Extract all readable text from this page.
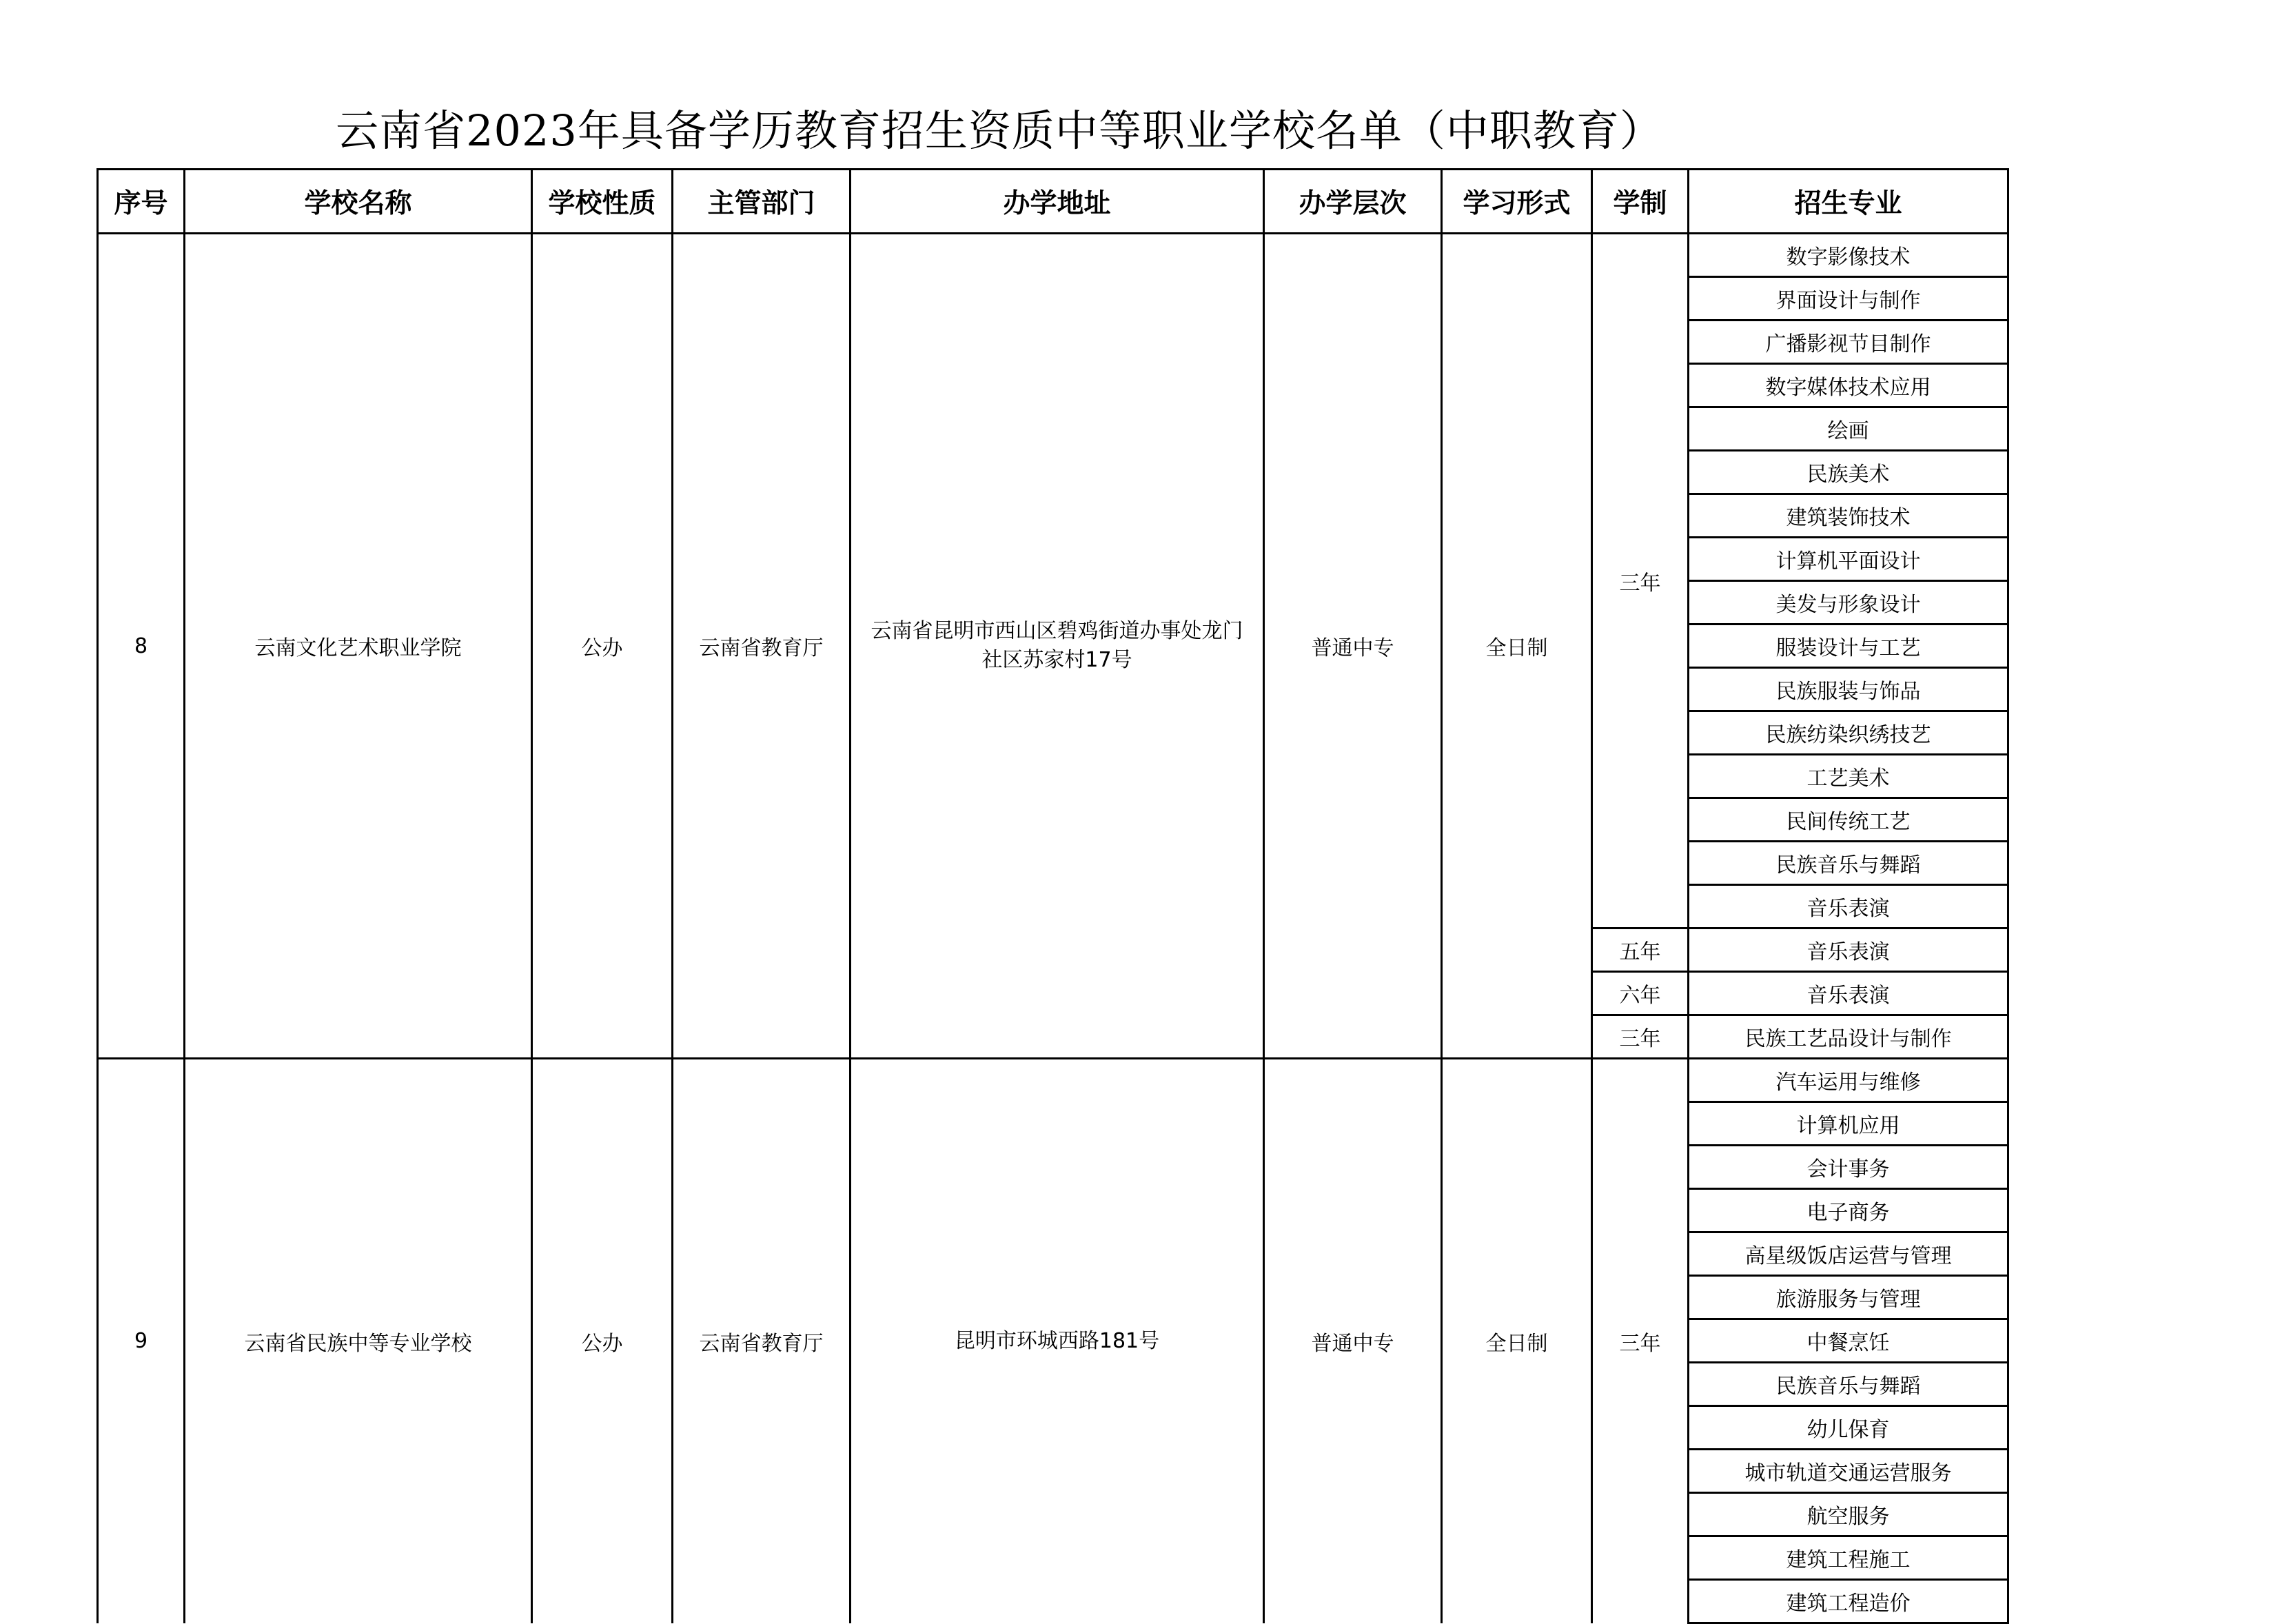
云南省2023年具备学历教育招生资质中等职业学校名单（中职教育）
序号	学校名称	学校性质	主管部门	办学地址	办学层次	学习形式	学制	招生专业
8	云南文化艺术职业学院	公办	云南省教育厅	云南省昆明市西山区碧鸡街道办事处龙门社区苏家村17号	普通中专	全日制	三年	数字影像技术
								界面设计与制作
								广播影视节目制作
								数字媒体技术应用
								绘画
								民族美术
								建筑装饰技术
								计算机平面设计
								美发与形象设计
								服装设计与工艺
								民族服装与饰品
								民族纺染织绣技艺
								工艺美术
								民间传统工艺
								民族音乐与舞蹈
								音乐表演
							五年	音乐表演
							六年	音乐表演
							三年	民族工艺品设计与制作
9	云南省民族中等专业学校	公办	云南省教育厅	昆明市环城西路181号	普通中专	全日制	三年	汽车运用与维修
								计算机应用
								会计事务
								电子商务
								高星级饭店运营与管理
								旅游服务与管理
								中餐烹饪
								民族音乐与舞蹈
								幼儿保育
								城市轨道交通运营服务
								航空服务
								建筑工程施工
								建筑工程造价
